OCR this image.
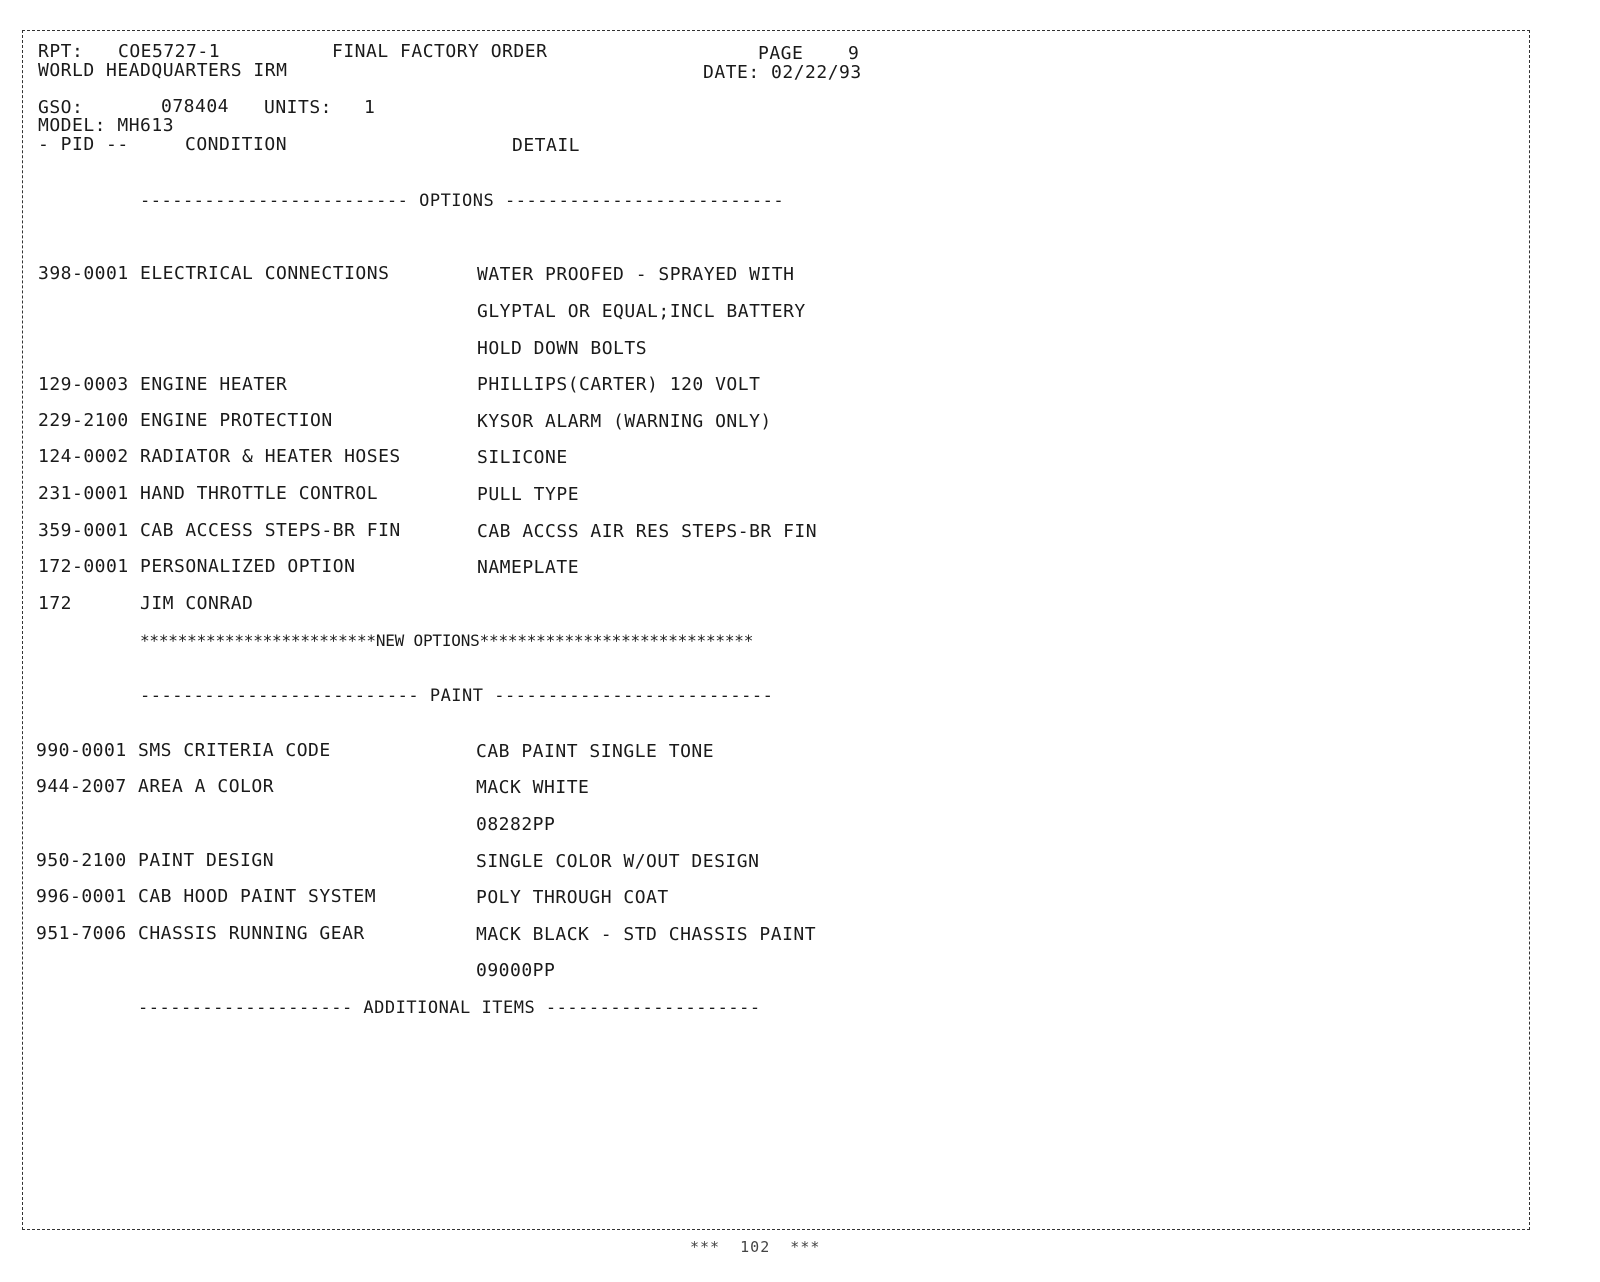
RPT: COE5727-1	FINAL FACTORY ORDER	PAGE 9
WORLD HEADQUARTERS IRM	DATE: 02/22/93
GSO:	078404 UNITS: 1
MODEL: MH613
- PID --	CONDITION	DETAIL
------------------------- OPTIONS --------------------------
398-0001 ELECTRICAL CONNECTIONS	WATER PROOFED - SPRAYED WITH
GLYPTAL OR EQUAL;INCL BATTERY
HOLD DOWN BOLTS
129-0003 ENGINE HEATER	PHILLIPS(CARTER) 120 VOLT
229-2100 ENGINE PROTECTION	KYSOR ALARM (WARNING ONLY)
124-0002 RADIATOR & HEATER HOSES	SILICONE
231-0001 HAND THROTTLE CONTROL	PULL TYPE
359-0001 CAB ACCESS STEPS-BR FIN	CAB ACCSS AIR RES STEPS-BR FIN
172-0001 PERSONALIZED OPTION	NAMEPLATE
172	JIM CONRAD
*************************NEW OPTIONS*****************************
-------------------------- PAINT --------------------------
990-0001 SMS CRITERIA CODE	CAB PAINT SINGLE TONE
944-2007 AREA A COLOR	MACK WHITE
08282PP
950-2100 PAINT DESIGN	SINGLE COLOR W/OUT DESIGN
996-0001 CAB HOOD PAINT SYSTEM	POLY THROUGH COAT
951-7006 CHASSIS RUNNING GEAR	MACK BLACK - STD CHASSIS PAINT
09000PP
-------------------- ADDITIONAL ITEMS --------------------
***  102  ***
